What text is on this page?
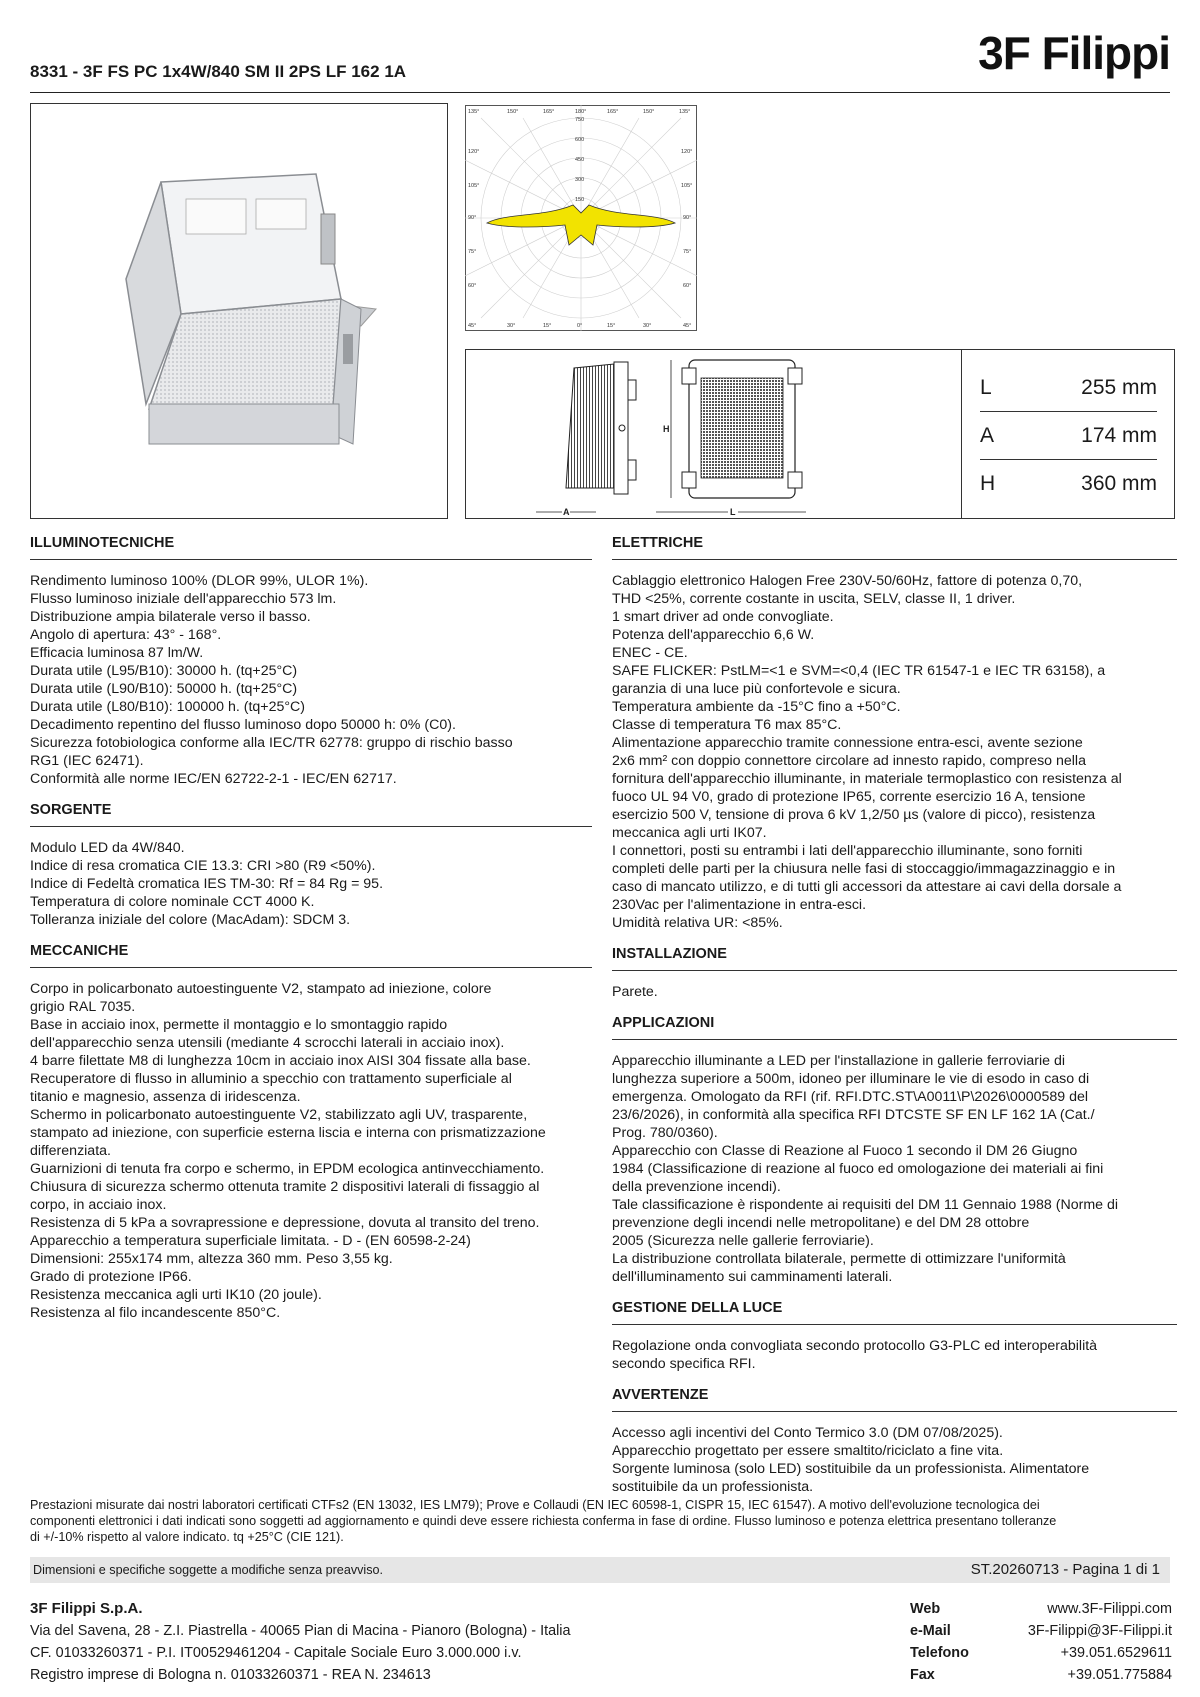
3F Filippi
8331 - 3F FS PC 1x4W/840 SM II 2PS LF 162 1A
135°	150°	165°	180°	165°	150°	135°
45°	30°	15°	0°	15°	30°	45°
120°
105°
90°
75°
60°
120°
105°
90°
75°
60°
750
600
450
300
150
H
A	L
L	255 mm
A	174 mm
H	360 mm
ILLUMINOTECNICHE

Rendimento luminoso 100% (DLOR 99%, ULOR 1%).

Flusso luminoso iniziale dell'apparecchio 573 lm.

Distribuzione ampia bilaterale verso il basso.

Angolo di apertura: 43° - 168°.

Efficacia luminosa 87 lm/W.

Durata utile (L95/B10): 30000 h. (tq+25°C)

Durata utile (L90/B10): 50000 h. (tq+25°C)

Durata utile (L80/B10): 100000 h. (tq+25°C)

Decadimento repentino del flusso luminoso dopo 50000 h: 0% (C0).

Sicurezza fotobiologica conforme alla IEC/TR 62778: gruppo di rischio basso

RG1 (IEC 62471).

Conformità alle norme IEC/EN 62722-2-1 - IEC/EN 62717.

SORGENTE

Modulo LED da 4W/840.

Indice di resa cromatica CIE 13.3: CRI >80 (R9 <50%).

Indice di Fedeltà cromatica IES TM-30: Rf = 84 Rg = 95.

Temperatura di colore nominale CCT 4000 K.

Tolleranza iniziale del colore (MacAdam): SDCM 3.

MECCANICHE

Corpo in policarbonato autoestinguente V2, stampato ad iniezione, colore

grigio RAL 7035.

Base in acciaio inox, permette il montaggio e lo smontaggio rapido

dell'apparecchio senza utensili (mediante 4 scrocchi laterali in acciaio inox).

4 barre filettate M8 di lunghezza 10cm in acciaio inox AISI 304 fissate alla base.

Recuperatore di flusso in alluminio a specchio con trattamento superficiale al

titanio e magnesio, assenza di iridescenza.

Schermo in policarbonato autoestinguente V2, stabilizzato agli UV, trasparente,

stampato ad iniezione, con superficie esterna liscia e interna con prismatizzazione

differenziata.

Guarnizioni di tenuta fra corpo e schermo, in EPDM ecologica antinvecchiamento.

Chiusura di sicurezza schermo ottenuta tramite 2 dispositivi laterali di fissaggio al

corpo, in acciaio inox.

Resistenza di 5 kPa a sovrapressione e depressione, dovuta al transito del treno.

Apparecchio a temperatura superficiale limitata. - D - (EN 60598-2-24)

Dimensioni: 255x174 mm, altezza 360 mm. Peso 3,55 kg.

Grado di protezione IP66.

Resistenza meccanica agli urti IK10 (20 joule).

Resistenza al filo incandescente 850°C.

ELETTRICHE

Cablaggio elettronico Halogen Free 230V-50/60Hz, fattore di potenza 0,70,

THD <25%, corrente costante in uscita, SELV, classe II, 1 driver.

1 smart driver ad onde convogliate.

Potenza dell'apparecchio 6,6 W.

ENEC - CE.

SAFE FLICKER: PstLM=<1 e SVM=<0,4 (IEC TR 61547-1 e IEC TR 63158), a

garanzia di una luce più confortevole e sicura.

Temperatura ambiente da -15°C fino a +50°C.

Classe di temperatura T6 max 85°C.

Alimentazione apparecchio tramite connessione entra-esci, avente sezione

2x6 mm² con doppio connettore circolare ad innesto rapido, compreso nella

fornitura dell'apparecchio illuminante, in materiale termoplastico con resistenza al

fuoco UL 94 V0, grado di protezione IP65, corrente esercizio 16 A, tensione

esercizio 500 V, tensione di prova 6 kV 1,2/50 µs (valore di picco), resistenza

meccanica agli urti IK07.

I connettori, posti su entrambi i lati dell'apparecchio illuminante, sono forniti

completi delle parti per la chiusura nelle fasi di stoccaggio/immagazzinaggio e in

caso di mancato utilizzo, e di tutti gli accessori da attestare ai cavi della dorsale a

230Vac per l'alimentazione in entra-esci.

Umidità relativa UR: <85%.

INSTALLAZIONE

Parete.

APPLICAZIONI

Apparecchio illuminante a LED per l'installazione in gallerie ferroviarie di

lunghezza superiore a 500m, idoneo per illuminare le vie di esodo in caso di

emergenza. Omologato da RFI (rif. RFI.DTC.ST\A0011\P\2026\0000589 del

23/6/2026), in conformità alla specifica RFI DTCSTE SF EN LF 162 1A (Cat./

Prog. 780/0360).

Apparecchio con Classe di Reazione al Fuoco 1 secondo il DM 26 Giugno

1984 (Classificazione di reazione al fuoco ed omologazione dei materiali ai fini

della prevenzione incendi).

Tale classificazione è rispondente ai requisiti del DM 11 Gennaio 1988 (Norme di

prevenzione degli incendi nelle metropolitane) e del DM 28 ottobre

2005 (Sicurezza nelle gallerie ferroviarie).

La distribuzione controllata bilaterale, permette di ottimizzare l'uniformità

dell'illuminamento sui camminamenti laterali.

GESTIONE DELLA LUCE

Regolazione onda convogliata secondo protocollo G3-PLC ed interoperabilità

secondo specifica RFI.

AVVERTENZE

Accesso agli incentivi del Conto Termico 3.0 (DM 07/08/2025).

Apparecchio progettato per essere smaltito/riciclato a fine vita.

Sorgente luminosa (solo LED) sostituibile da un professionista. Alimentatore

sostituibile da un professionista.

Prestazioni misurate dai nostri laboratori certificati CTFs2 (EN 13032, IES LM79); Prove e Collaudi (EN IEC 60598-1, CISPR 15, IEC 61547). A motivo dell'evoluzione tecnologica dei

componenti elettronici i dati indicati sono soggetti ad aggiornamento e quindi deve essere richiesta conferma in fase di ordine. Flusso luminoso e potenza elettrica presentano tolleranze

di +/-10% rispetto al valore indicato. tq +25°C (CIE 121).

Dimensioni e specifiche soggette a modifiche senza preavviso.	ST.20260713 - Pagina 1 di 1
3F Filippi S.p.A.
Via del Savena, 28 - Z.I. Piastrella - 40065 Pian di Macina - Pianoro (Bologna) - Italia
CF. 01033260371 - P.I. IT00529461204 - Capitale Sociale Euro 3.000.000 i.v.
Registro imprese di Bologna n. 01033260371 - REA N. 234613
Web	www.3F-Filippi.com
e-Mail	3F-Filippi@3F-Filippi.it
Telefono	+39.051.6529611
Fax	+39.051.775884
